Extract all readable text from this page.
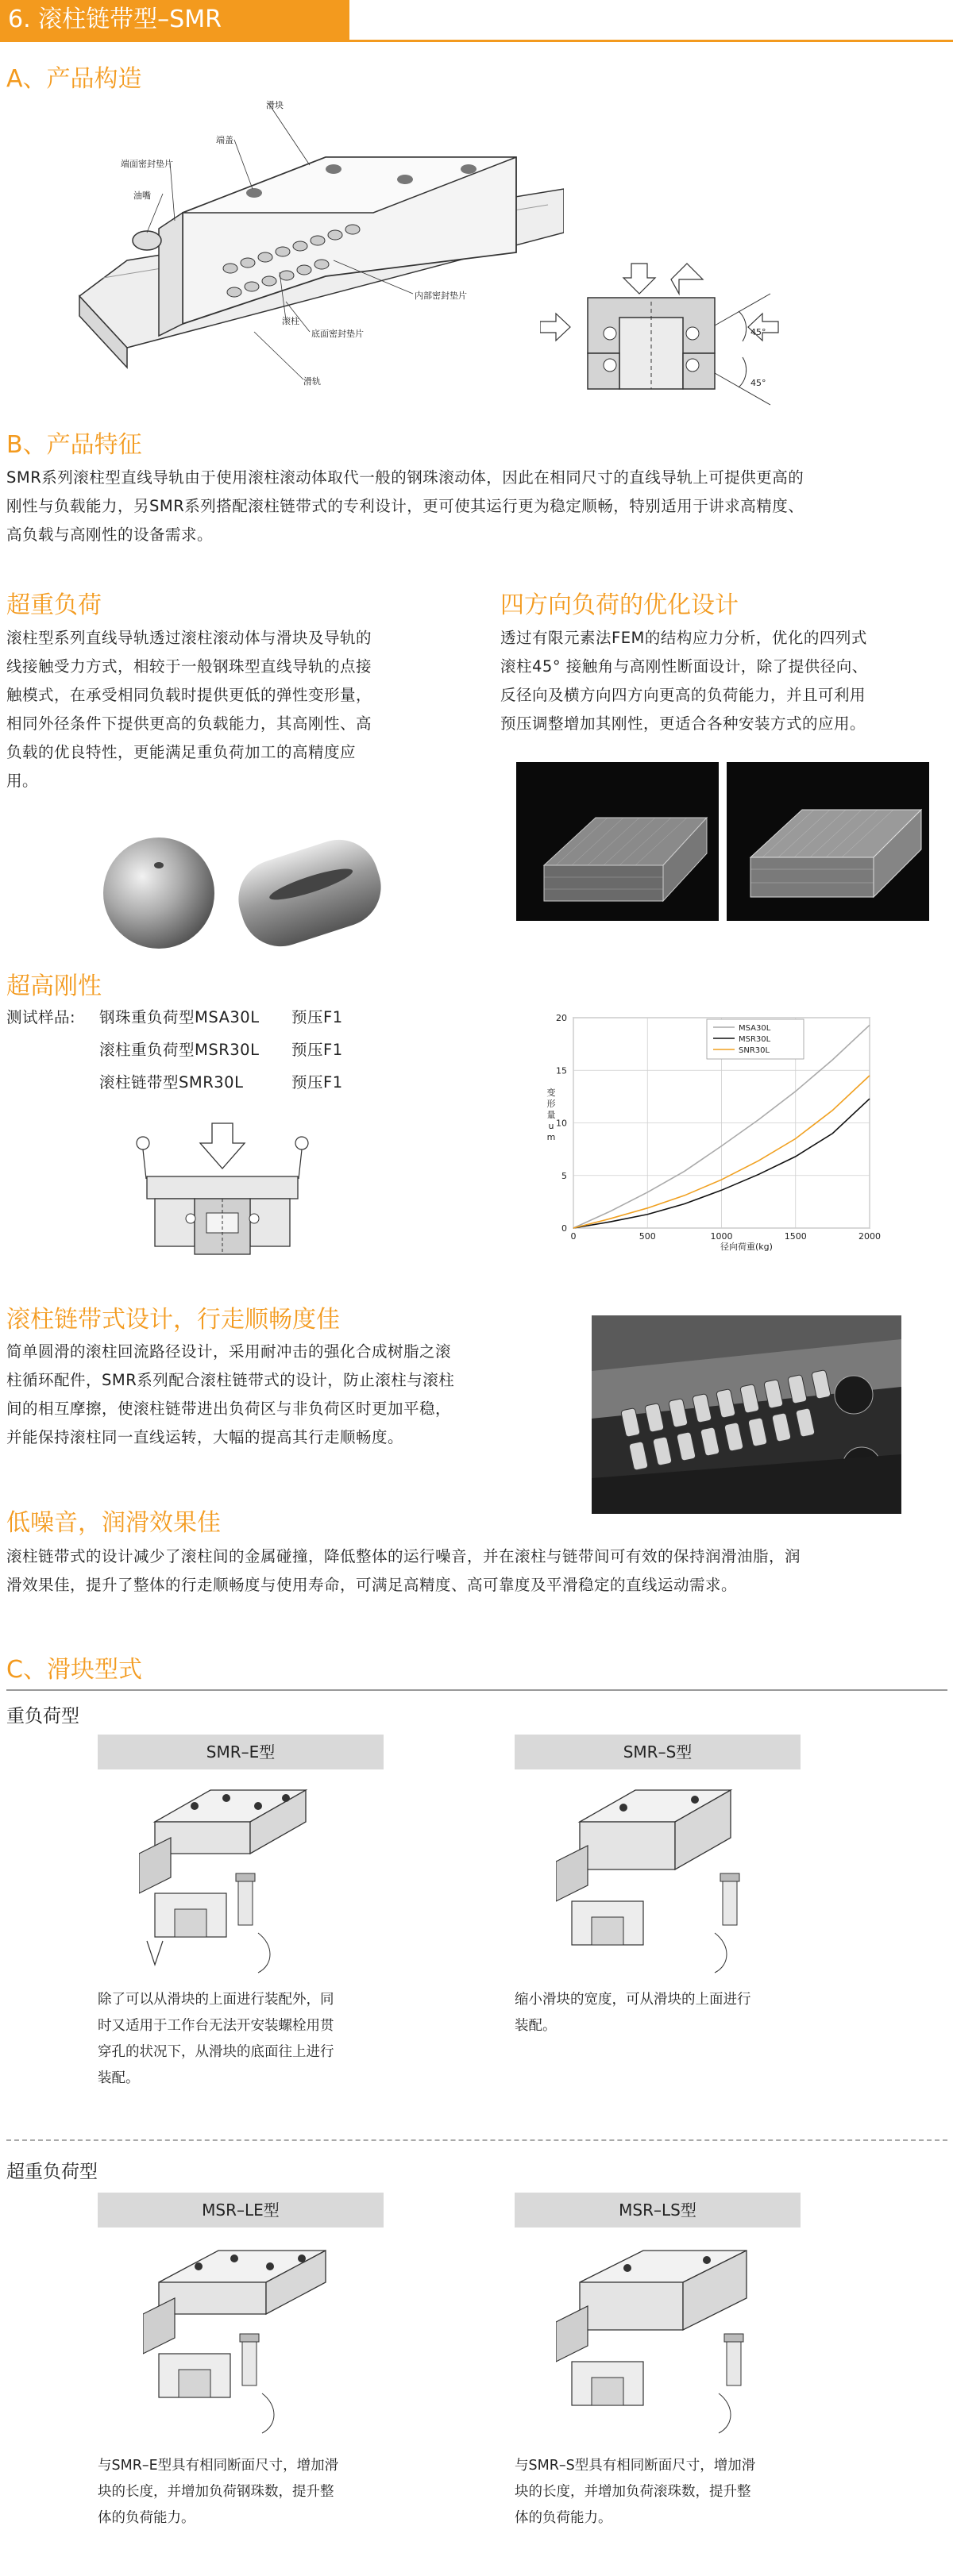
6. 滚柱链带型–SMR
A、产品构造
滑块
端盖
端面密封垫片
油嘴
内部密封垫片
滚柱
底面密封垫片
滑轨
45°
45°
B、产品特征
SMR系列滚柱型直线导轨由于使用滚柱滚动体取代一般的钢珠滚动体，因此在相同尺寸的直线导轨上可提供更高的
刚性与负载能力，另SMR系列搭配滚柱链带式的专利设计，更可使其运行更为稳定顺畅，特别适用于讲求高精度、
高负载与高刚性的设备需求。
超重负荷
滚柱型系列直线导轨透过滚柱滚动体与滑块及导轨的
线接触受力方式，相较于一般钢珠型直线导轨的点接
触模式，在承受相同负载时提供更低的弹性变形量，
相同外径条件下提供更高的负载能力，其高刚性、高
负载的优良特性，更能满足重负荷加工的高精度应
用。
四方向负荷的优化设计
透过有限元素法FEM的结构应力分析，优化的四列式
滚柱45° 接触角与高刚性断面设计，除了提供径向、
反径向及横方向四方向更高的负荷能力，并且可利用
预压调整增加其刚性，更适合各种安装方式的应用。
超高刚性
测试样品: 钢珠重负荷型MSA30L 预压F1
滚柱重负荷型MSR30L 预压F1
滚柱链带型SMR30L	预压F1
0	500	1000	1500	2000
0
5
10
15
20
MSA30L
MSR30L
SNR30L
径向荷重(kg)
变
形
量
u
m
滚柱链带式设计，行走顺畅度佳
简单圆滑的滚柱回流路径设计，采用耐冲击的强化合成树脂之滚
柱循环配件，SMR系列配合滚柱链带式的设计，防止滚柱与滚柱
间的相互摩擦，使滚柱链带进出负荷区与非负荷区时更加平稳，
并能保持滚柱同一直线运转，大幅的提高其行走顺畅度。
低噪音，润滑效果佳
滚柱链带式的设计减少了滚柱间的金属碰撞，降低整体的运行噪音，并在滚柱与链带间可有效的保持润滑油脂，润
滑效果佳，提升了整体的行走顺畅度与使用寿命，可满足高精度、高可靠度及平滑稳定的直线运动需求。
C、滑块型式
重负荷型
SMR–E型
除了可以从滑块的上面进行装配外，同
时又适用于工作台无法开安装螺栓用贯
穿孔的状况下，从滑块的底面往上进行
装配。
SMR–S型
缩小滑块的宽度，可从滑块的上面进行
装配。
超重负荷型
MSR–LE型
与SMR–E型具有相同断面尺寸，增加滑
块的长度，并增加负荷钢珠数，提升整
体的负荷能力。
MSR–LS型
与SMR–S型具有相同断面尺寸，增加滑
块的长度，并增加负荷滚珠数，提升整
体的负荷能力。
